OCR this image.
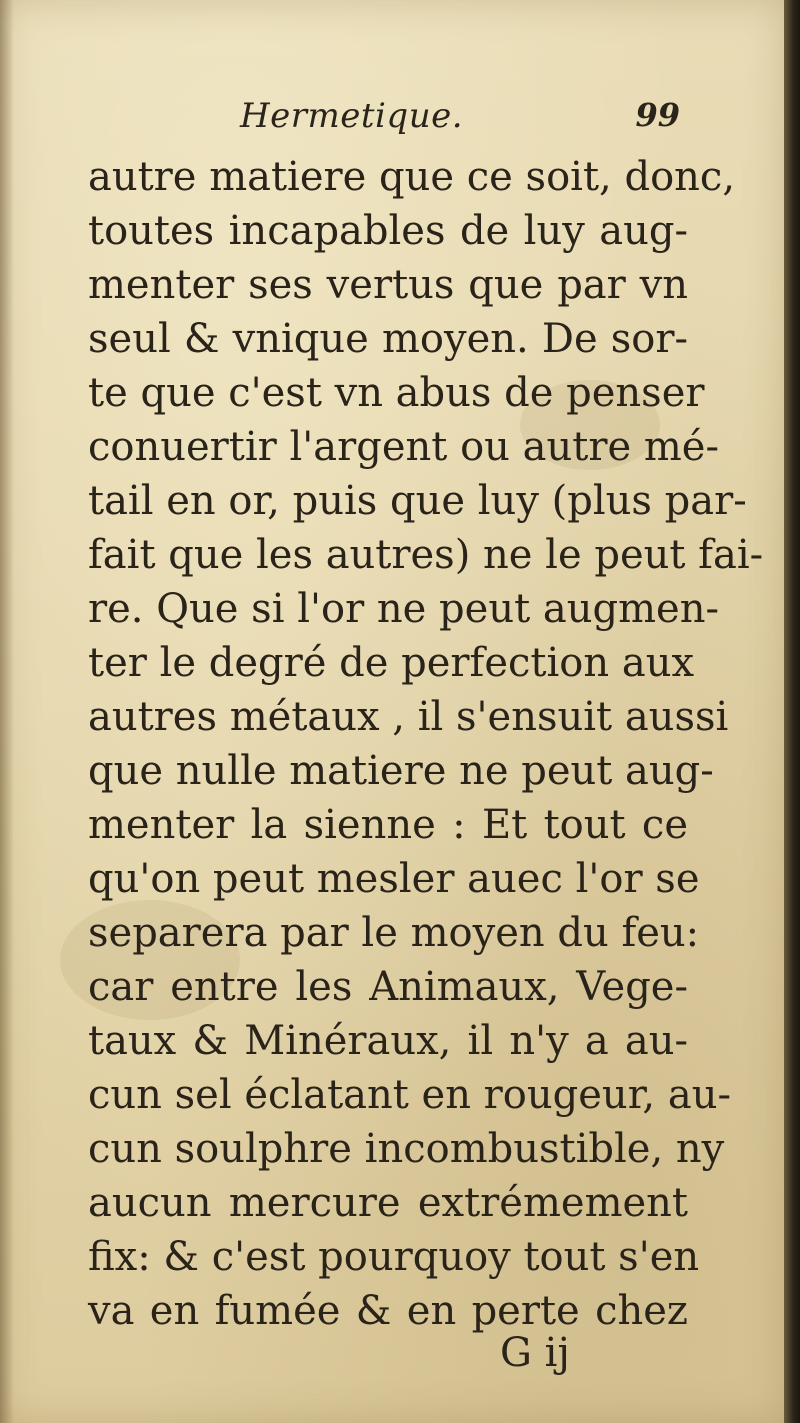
Hermetique.	99
autre matiere que ce soit, donc,
toutes incapables de luy aug-
menter ses vertus que par vn
seul & vnique moyen. De sor-
te que c'est vn abus de penser
conuertir l'argent ou autre mé-
tail en or, puis que luy (plus par-
fait que les autres) ne le peut fai-
re. Que si l'or ne peut augmen-
ter le degré de perfection aux
autres métaux , il s'ensuit aussi
que nulle matiere ne peut aug-
menter la sienne : Et tout ce
qu'on peut mesler auec l'or se
separera par le moyen du feu:
car entre les Animaux, Vege-
taux & Minéraux, il n'y a au-
cun sel éclatant en rougeur, au-
cun soulphre incombustible, ny
aucun mercure extrémement
fix: & c'est pourquoy tout s'en
va en fumée & en perte chez
G ij
